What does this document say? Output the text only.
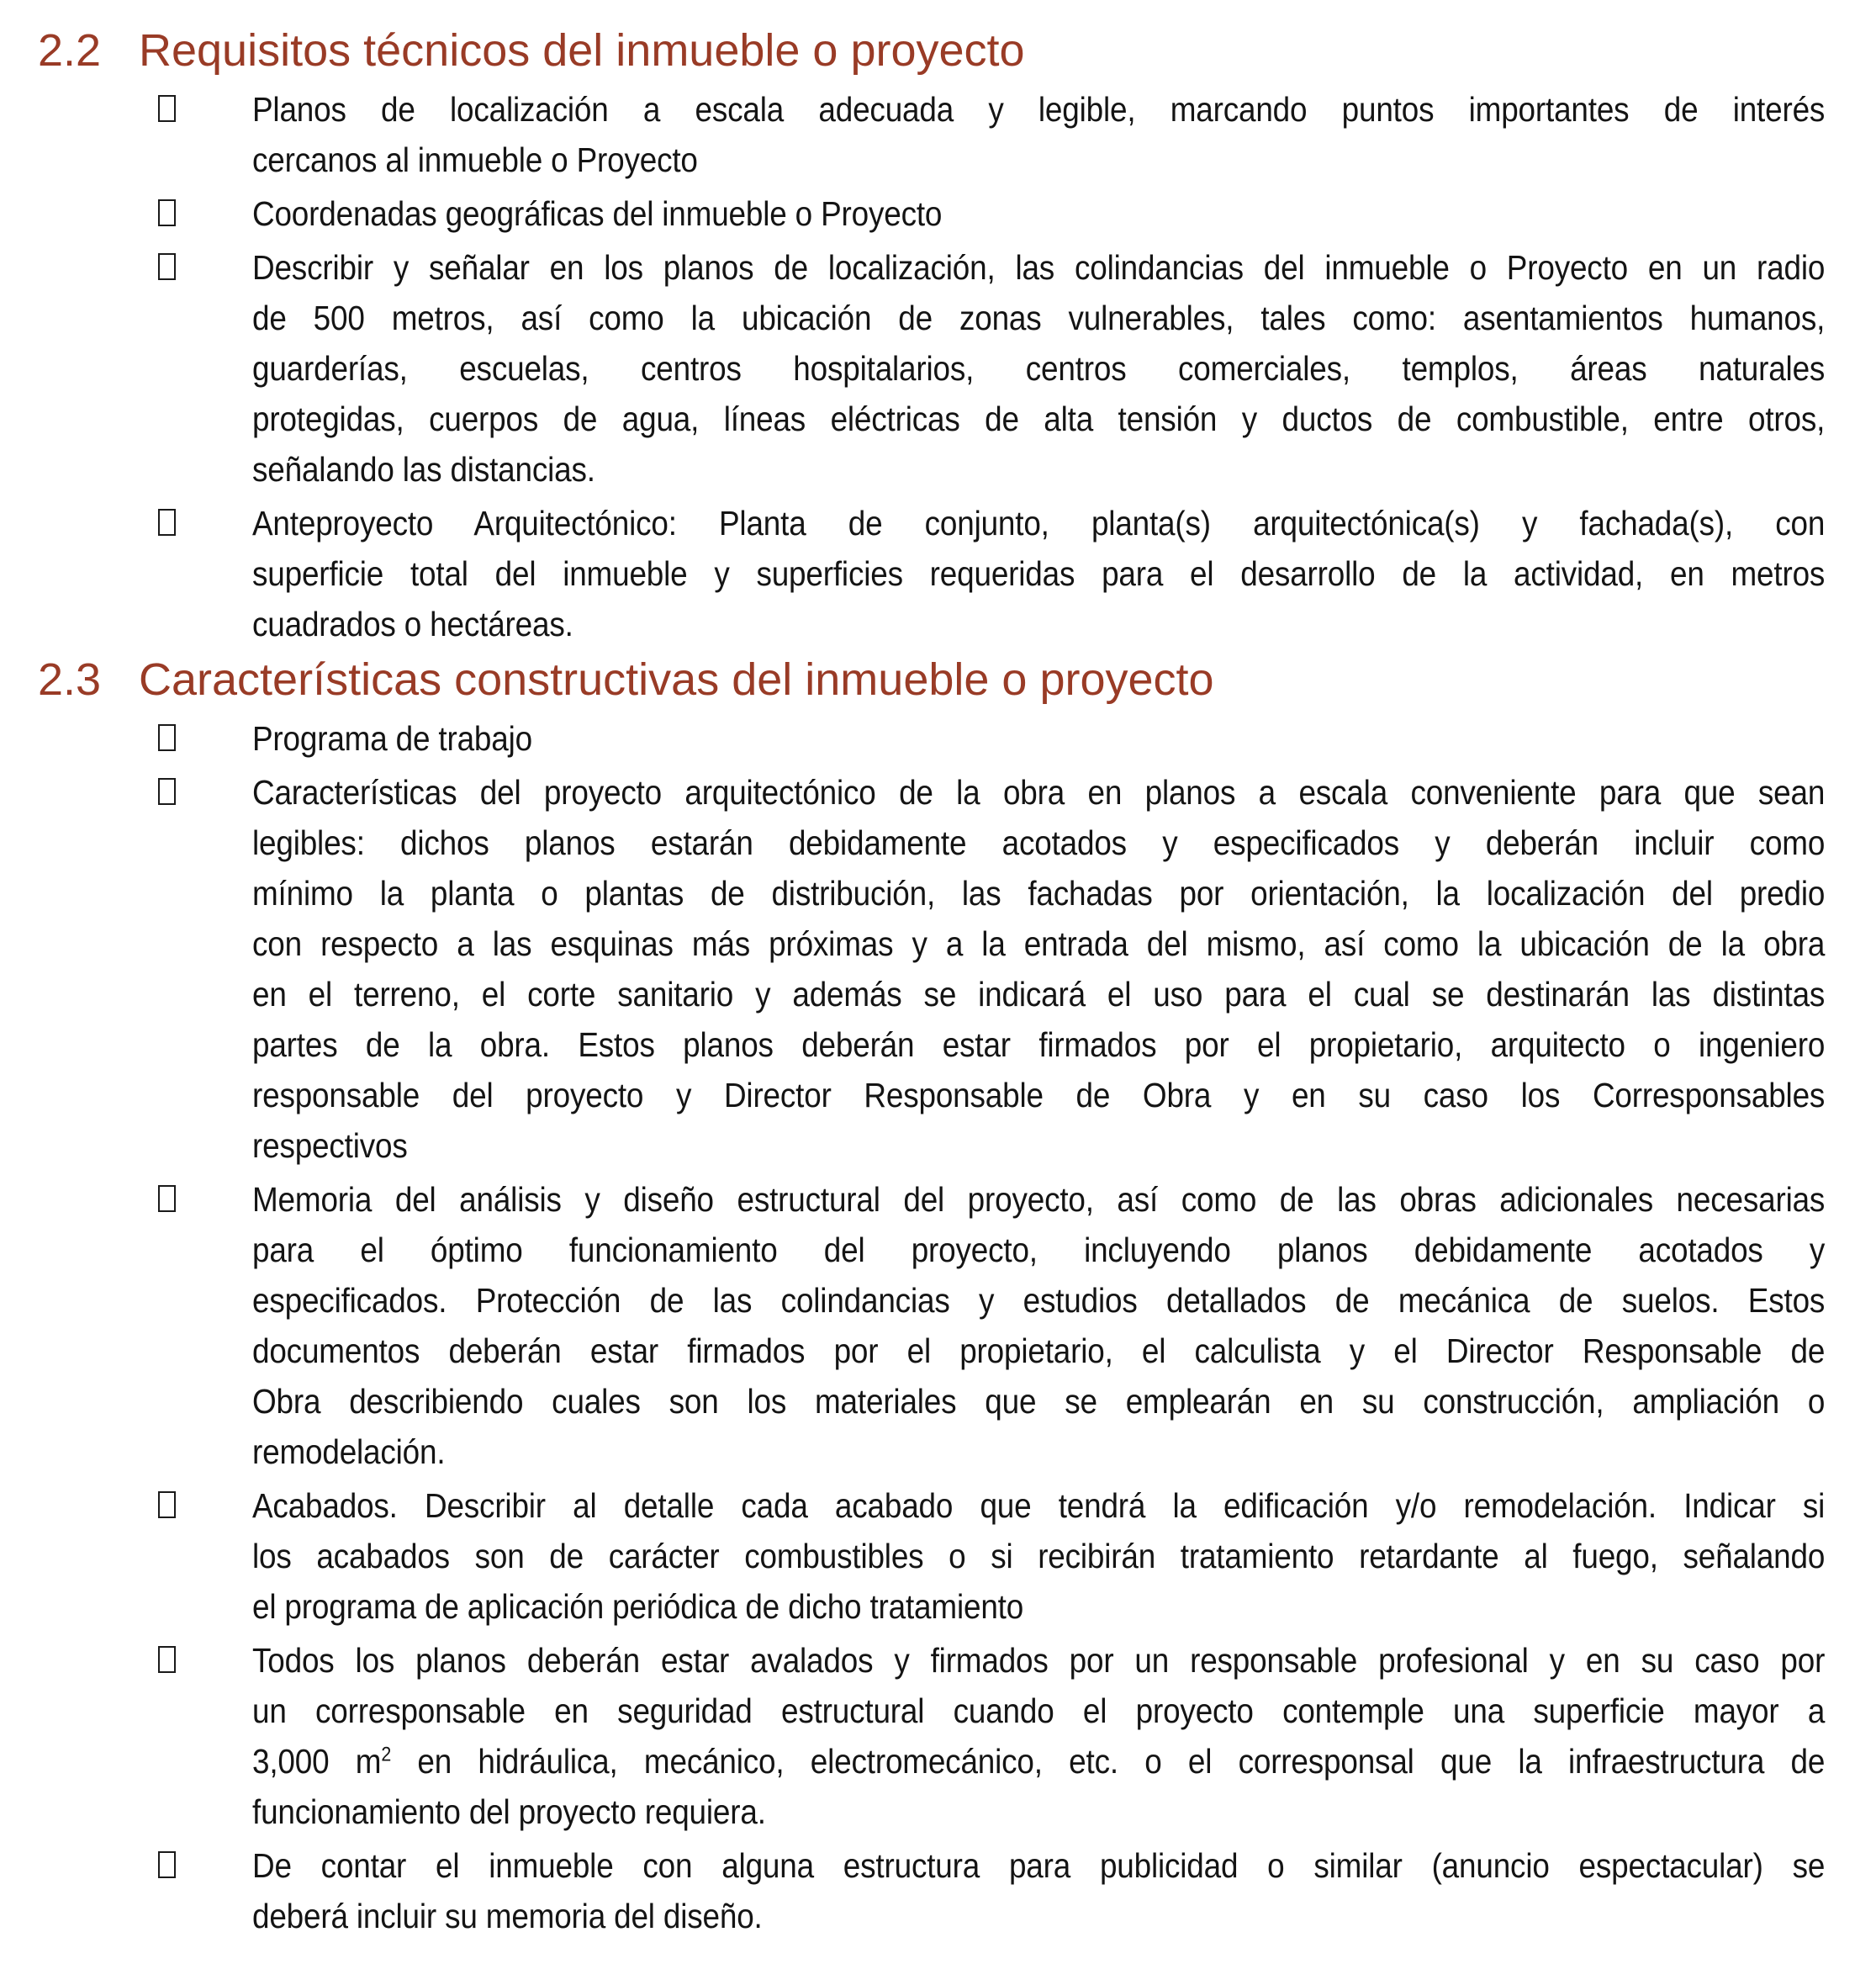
2.2 Requisitos técnicos del inmueble o proyecto
Planos de localización a escala adecuada y legible, marcando puntos importantes de interés
cercanos al inmueble o Proyecto
Coordenadas geográficas del inmueble o Proyecto
Describir y señalar en los planos de localización, las colindancias del inmueble o Proyecto en un radio
de 500 metros, así como la ubicación de zonas vulnerables, tales como: asentamientos humanos,
guarderías, escuelas, centros hospitalarios, centros comerciales, templos, áreas naturales
protegidas, cuerpos de agua, líneas eléctricas de alta tensión y ductos de combustible, entre otros,
señalando las distancias.
Anteproyecto Arquitectónico: Planta de conjunto, planta(s) arquitectónica(s) y fachada(s), con
superficie total del inmueble y superficies requeridas para el desarrollo de la actividad, en metros
cuadrados o hectáreas.
2.3 Características constructivas del inmueble o proyecto
Programa de trabajo
Características del proyecto arquitectónico de la obra en planos a escala conveniente para que sean
legibles: dichos planos estarán debidamente acotados y especificados y deberán incluir como
mínimo la planta o plantas de distribución, las fachadas por orientación, la localización del predio
con respecto a las esquinas más próximas y a la entrada del mismo, así como la ubicación de la obra
en el terreno, el corte sanitario y además se indicará el uso para el cual se destinarán las distintas
partes de la obra. Estos planos deberán estar firmados por el propietario, arquitecto o ingeniero
responsable del proyecto y Director Responsable de Obra y en su caso los Corresponsables
respectivos
Memoria del análisis y diseño estructural del proyecto, así como de las obras adicionales necesarias
para el óptimo funcionamiento del proyecto, incluyendo planos debidamente acotados y
especificados. Protección de las colindancias y estudios detallados de mecánica de suelos. Estos
documentos deberán estar firmados por el propietario, el calculista y el Director Responsable de
Obra describiendo cuales son los materiales que se emplearán en su construcción, ampliación o
remodelación.
Acabados. Describir al detalle cada acabado que tendrá la edificación y/o remodelación. Indicar si
los acabados son de carácter combustibles o si recibirán tratamiento retardante al fuego, señalando
el programa de aplicación periódica de dicho tratamiento
Todos los planos deberán estar avalados y firmados por un responsable profesional y en su caso por
un corresponsable en seguridad estructural cuando el proyecto contemple una superficie mayor a
3,000 $m^2$ en hidráulica, mecánico, electromecánico, etc. o el corresponsal que la infraestructura de
funcionamiento del proyecto requiera.
De contar el inmueble con alguna estructura para publicidad o similar (anuncio espectacular) se
deberá incluir su memoria del diseño.
